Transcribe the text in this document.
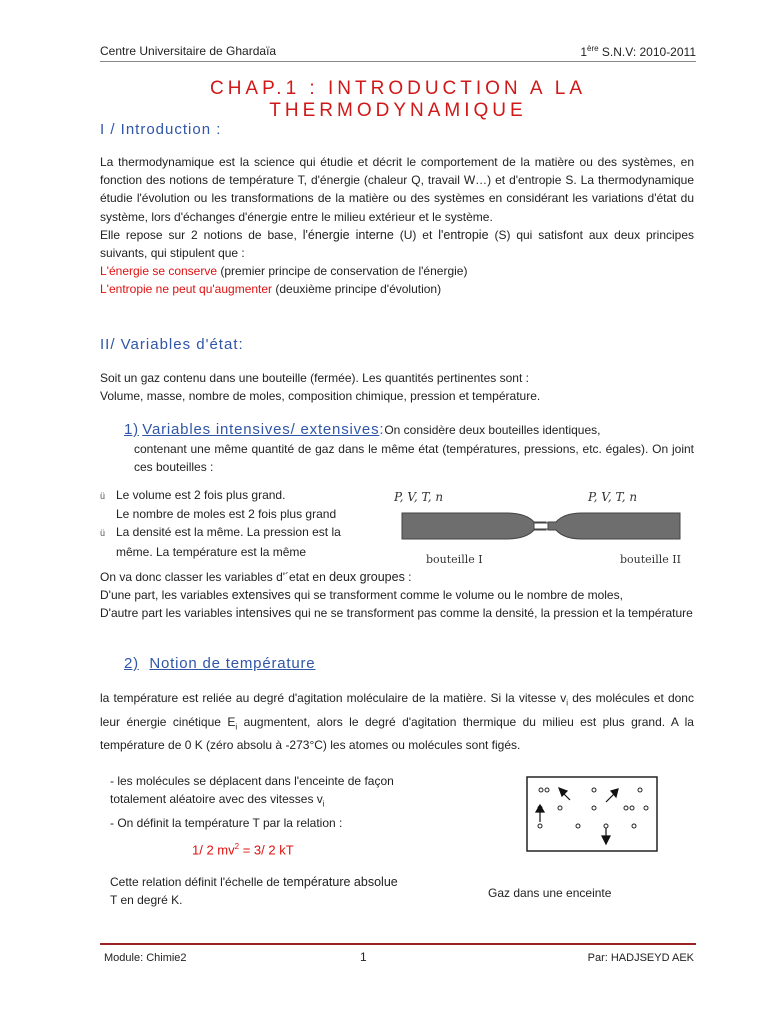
Centre Universitaire de Ghardaïa	1ère S.N.V: 2010-2011
CHAP.1 : INTRODUCTION A LA THERMODYNAMIQUE
I / Introduction :
La thermodynamique est la science qui étudie et décrit le comportement de la matière ou des systèmes, en fonction des notions de température T, d'énergie (chaleur Q, travail W…) et d'entropie S. La thermodynamique étudie l'évolution ou les transformations de la matière ou des systèmes en considérant les variations d'état du système, lors d'échanges d'énergie entre le milieu extérieur et le système.
Elle repose sur 2 notions de base, l'énergie interne (U) et l'entropie (S) qui satisfont aux deux principes suivants, qui stipulent que :
L'énergie se conserve (premier principe de conservation de l'énergie)
L'entropie ne peut qu'augmenter (deuxième principe d'évolution)
II/ Variables d'état:
Soit un gaz contenu dans une bouteille (fermée). Les quantités pertinentes sont :
Volume, masse, nombre de moles, composition chimique, pression et température.
1) Variables intensives/ extensives:On considère deux bouteilles identiques,
contenant une même quantité de gaz dans le même état (températures, pressions, etc. égales). On joint ces bouteilles :
ü Le volume est 2 fois plus grand.
Le nombre de moles est 2 fois plus grand
ü La densité est la même. La pression est la
même. La température est la même
P, V, T, n	P, V, T, n
bouteille I	bouteille II
On va donc classer les variables d'´etat en deux groupes :
D'une part, les variables extensives qui se transforment comme le volume ou le nombre de moles,
D'autre part les variables intensives qui ne se transforment pas comme la densité, la pression et la température
2) Notion de température
la température est reliée au degré d'agitation moléculaire de la matière. Si la vitesse $v_i$ des molécules et donc leur énergie cinétique $E_i$ augmentent, alors le degré d'agitation thermique du milieu est plus grand. A la température de 0 K (zéro absolu à -273°C) les atomes ou molécules sont figés.
- les molécules se déplacent dans l'enceinte de façon
totalement aléatoire avec des vitesses $v_i$
- On définit la température T par la relation :
1/ 2 $mv^2 = 3/$ 2 kT
Cette relation définit l'échelle de température absolue
T en degré K.
Gaz dans une enceinte
Module: Chimie2	1	Par: HADJSEYD AEK
